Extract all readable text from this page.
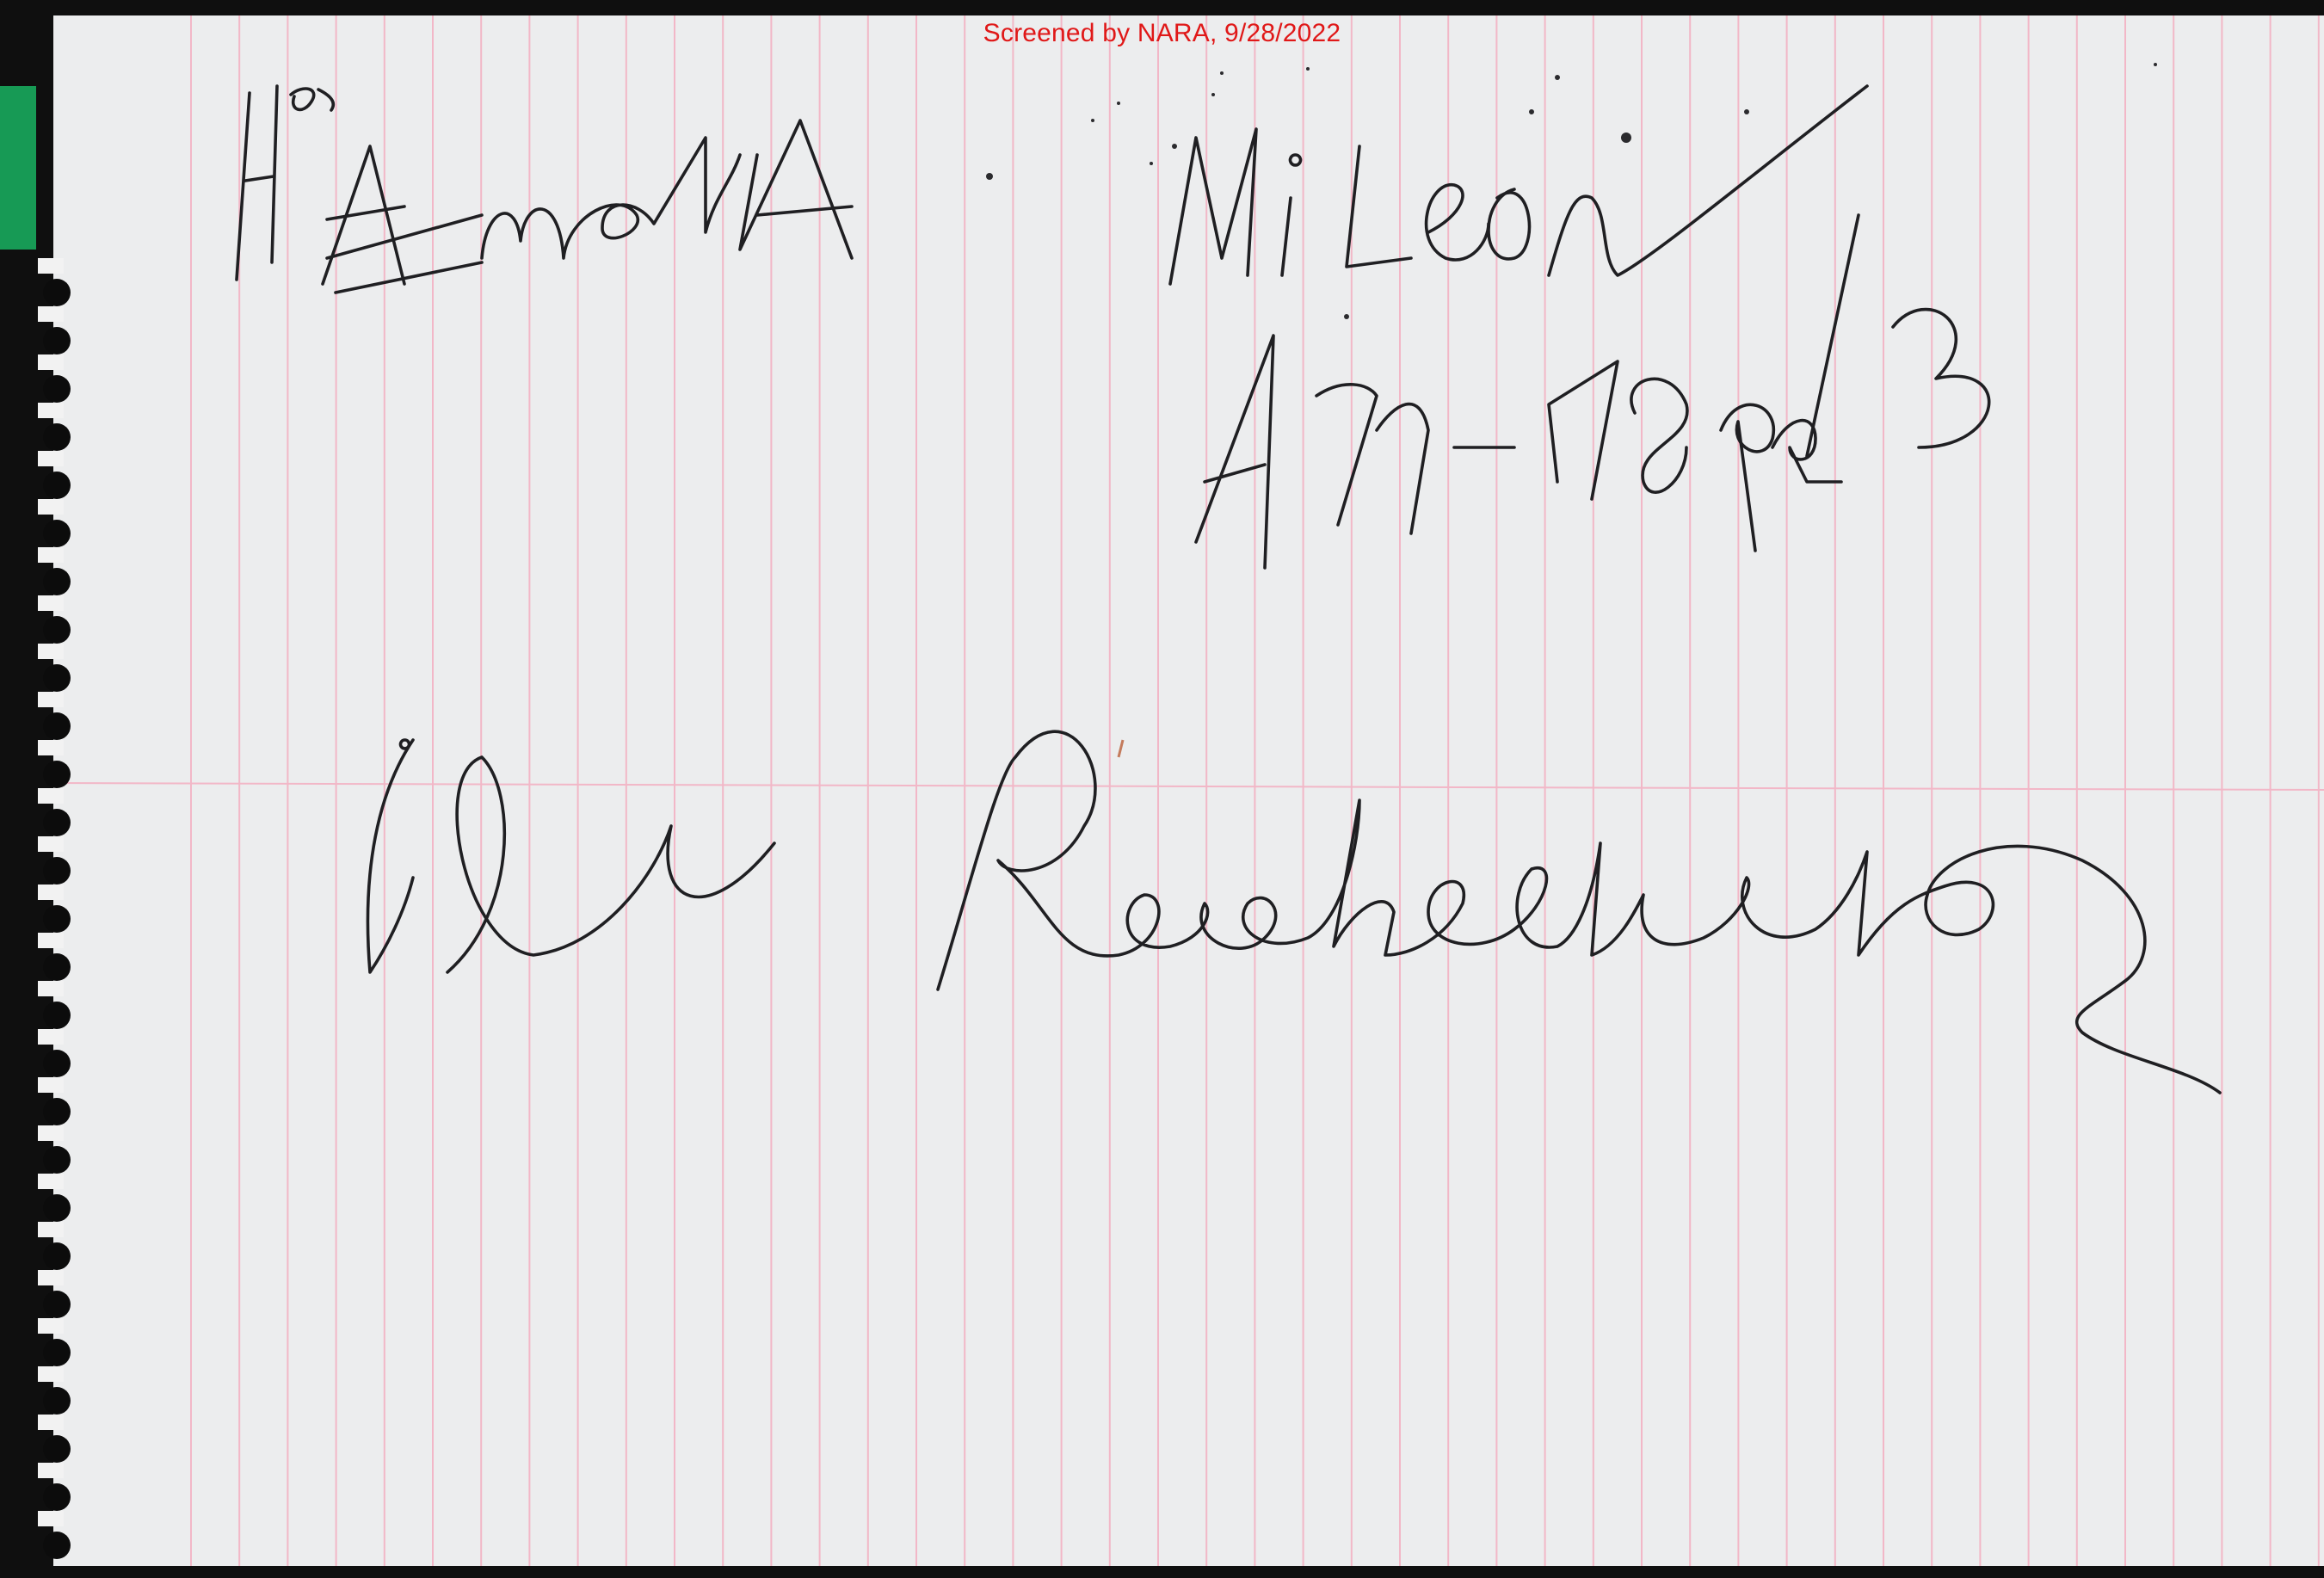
Screened by NARA, 9/28/2022
